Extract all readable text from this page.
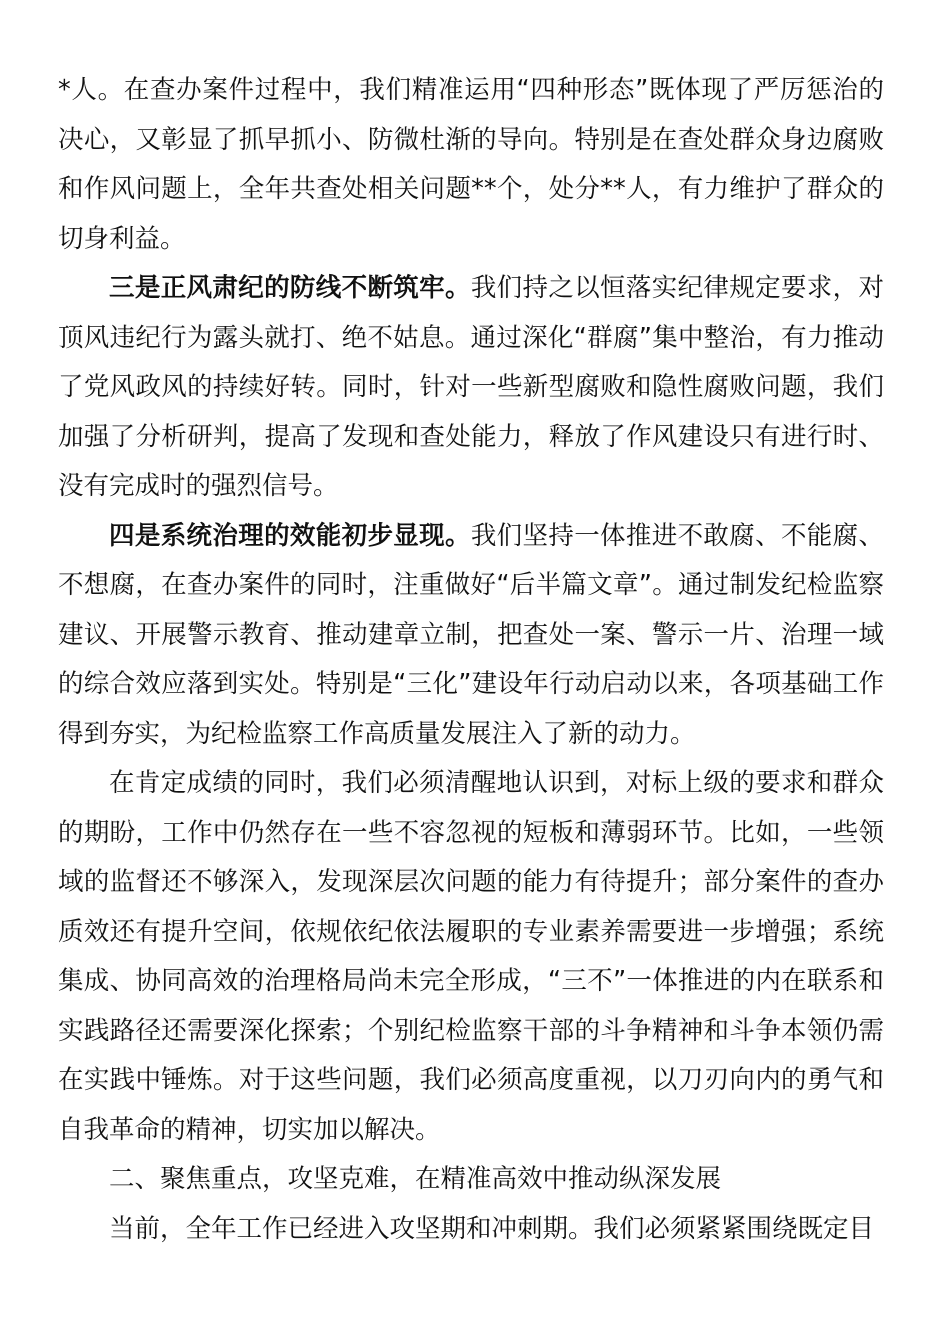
*人。在查办案件过程中，我们精准运用“四种形态”既体现了严厉惩治的决心，又彰显了抓早抓小、防微杜渐的导向。特别是在查处群众身边腐败和作风问题上，全年共查处相关问题**个，处分**人，有力维护了群众的切身利益。

三是正风肃纪的防线不断筑牢。我们持之以恒落实纪律规定要求，对顶风违纪行为露头就打、绝不姑息。通过深化“群腐”集中整治，有力推动了党风政风的持续好转。同时，针对一些新型腐败和隐性腐败问题，我们加强了分析研判，提高了发现和查处能力，释放了作风建设只有进行时、没有完成时的强烈信号。

四是系统治理的效能初步显现。我们坚持一体推进不敢腐、不能腐、不想腐，在查办案件的同时，注重做好“后半篇文章”。通过制发纪检监察建议、开展警示教育、推动建章立制，把查处一案、警示一片、治理一域的综合效应落到实处。特别是“三化”建设年行动启动以来，各项基础工作得到夯实，为纪检监察工作高质量发展注入了新的动力。

在肯定成绩的同时，我们必须清醒地认识到，对标上级的要求和群众的期盼，工作中仍然存在一些不容忽视的短板和薄弱环节。比如，一些领域的监督还不够深入，发现深层次问题的能力有待提升；部分案件的查办质效还有提升空间，依规依纪依法履职的专业素养需要进一步增强；系统集成、协同高效的治理格局尚未完全形成，“三不”一体推进的内在联系和实践路径还需要深化探索；个别纪检监察干部的斗争精神和斗争本领仍需在实践中锤炼。对于这些问题，我们必须高度重视，以刀刃向内的勇气和自我革命的精神，切实加以解决。

二、聚焦重点，攻坚克难，在精准高效中推动纵深发展

当前，全年工作已经进入攻坚期和冲刺期。我们必须紧紧围绕既定目
